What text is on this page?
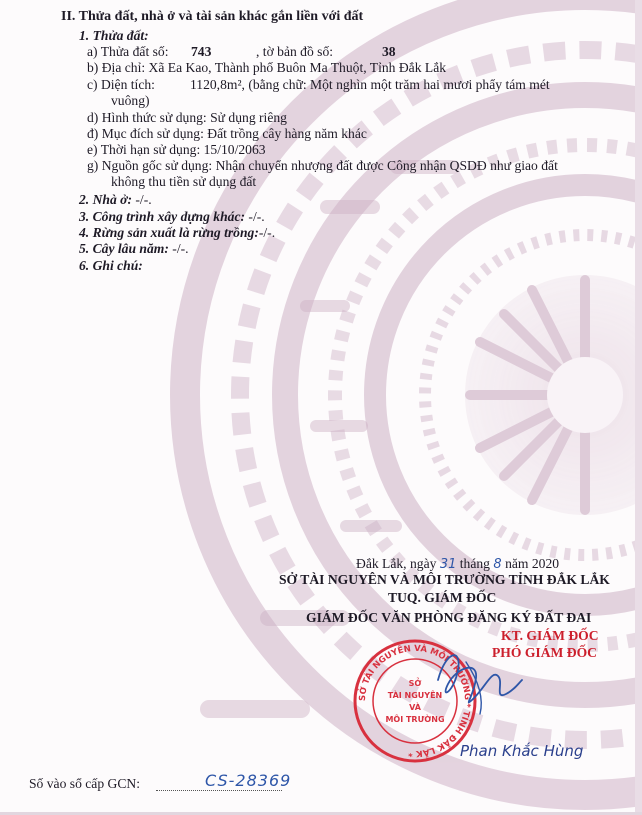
II. Thửa đất, nhà ở và tài sản khác gắn liền với đất
1. Thửa đất:
a) Thửa đất số: 743	, tờ bản đồ số:	38
b) Địa chỉ: Xã Ea Kao, Thành phố Buôn Ma Thuột, Tỉnh Đắk Lắk
c) Diện tích:	1120,8m², (bằng chữ: Một nghìn một trăm hai mươi phẩy tám mét
vuông)
d) Hình thức sử dụng: Sử dụng riêng
đ) Mục đích sử dụng: Đất trồng cây hàng năm khác
e) Thời hạn sử dụng: 15/10/2063
g) Nguồn gốc sử dụng: Nhận chuyển nhượng đất được Công nhận QSDĐ như giao đất
không thu tiền sử dụng đất
2. Nhà ở: -/-.
3. Công trình xây dựng khác: -/-.
4. Rừng sản xuất là rừng trồng:-/-.
5. Cây lâu năm: -/-.
6. Ghi chú:
Đắk Lắk, ngày 31 tháng 8 năm 2020
SỞ TÀI NGUYÊN VÀ MÔI TRƯỜNG TỈNH ĐẮK LẮK
TUQ. GIÁM ĐỐC
GIÁM ĐỐC VĂN PHÒNG ĐĂNG KÝ ĐẤT ĐAI
KT. GIÁM ĐỐC
PHÓ GIÁM ĐỐC
SỞ TÀI NGUYÊN VÀ MÔI TRƯỜNG * TỈNH ĐẮK LẮK *
SỞ
TÀI NGUYÊN
VÀ
MÔI TRƯỜNG
Phan Khắc Hùng
Số vào sổ cấp GCN:	CS-28369
